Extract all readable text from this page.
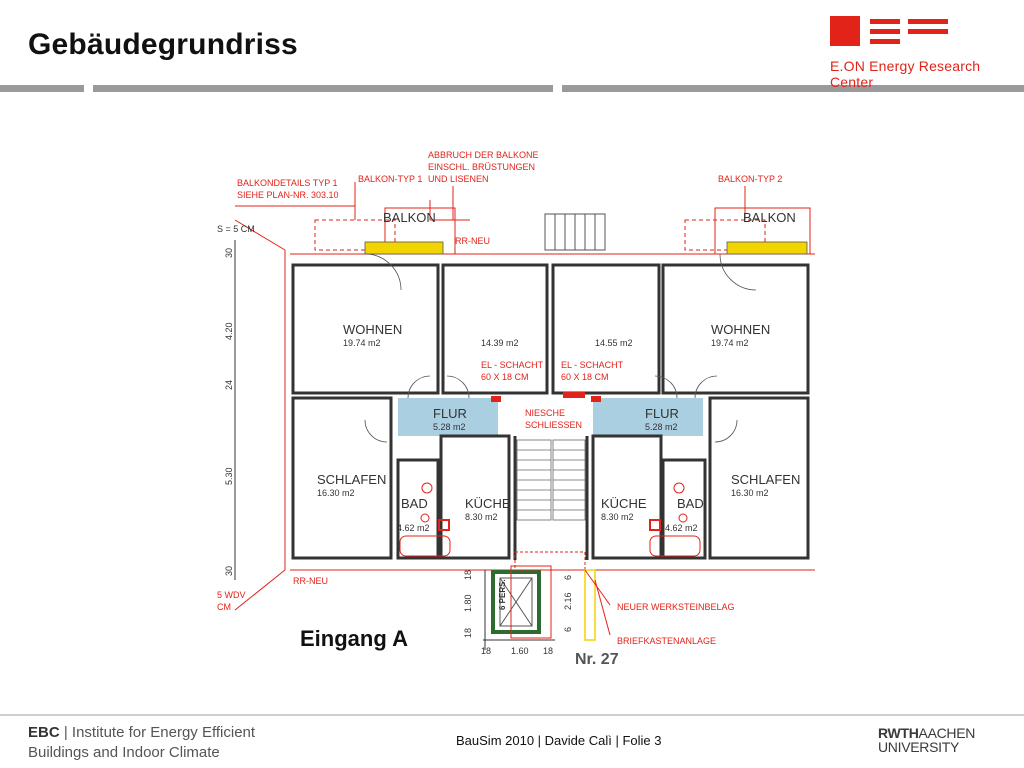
Gebäudegrundriss
E.ON Energy Research Center
BALKONDETAILS TYP 1
SIEHE PLAN-NR. 303.10
BALKON-TYP 1
ABBRUCH DER BALKONE
EINSCHL. BRÜSTUNGEN
UND LISENEN	BALKON-TYP 2
RR-NEU
RR-NEU
S = 5 CM
EL - SCHACHT
60 X 18 CM
EL - SCHACHT
60 X 18 CM
NIESCHE
SCHLIESSEN
NEUER WERKSTEINBELAG
BRIEFKASTENANLAGE
5 WDV
CM	6 PERS.
30
4.20
24
5.30
30	18
1.80
18
18 1.60 18
6
2.16
6
BALKON	BALKON
WOHNEN
19.74 m2	14.39 m2	14.55 m2
WOHNEN
19.74 m2
FLUR
5.28 m2
FLUR
5.28 m2
SCHLAFEN
16.30 m2
BAD
4.62 m2
KÜCHE
8.30 m2
KÜCHE
8.30 m2
BAD
4.62 m2
SCHLAFEN
16.30 m2
Eingang A
Nr. 27
EBC | Institute for Energy Efficient
Buildings and Indoor Climate
BauSim 2010 | Davide Calì | Folie 3	RWTHAACHEN
UNIVERSITY
